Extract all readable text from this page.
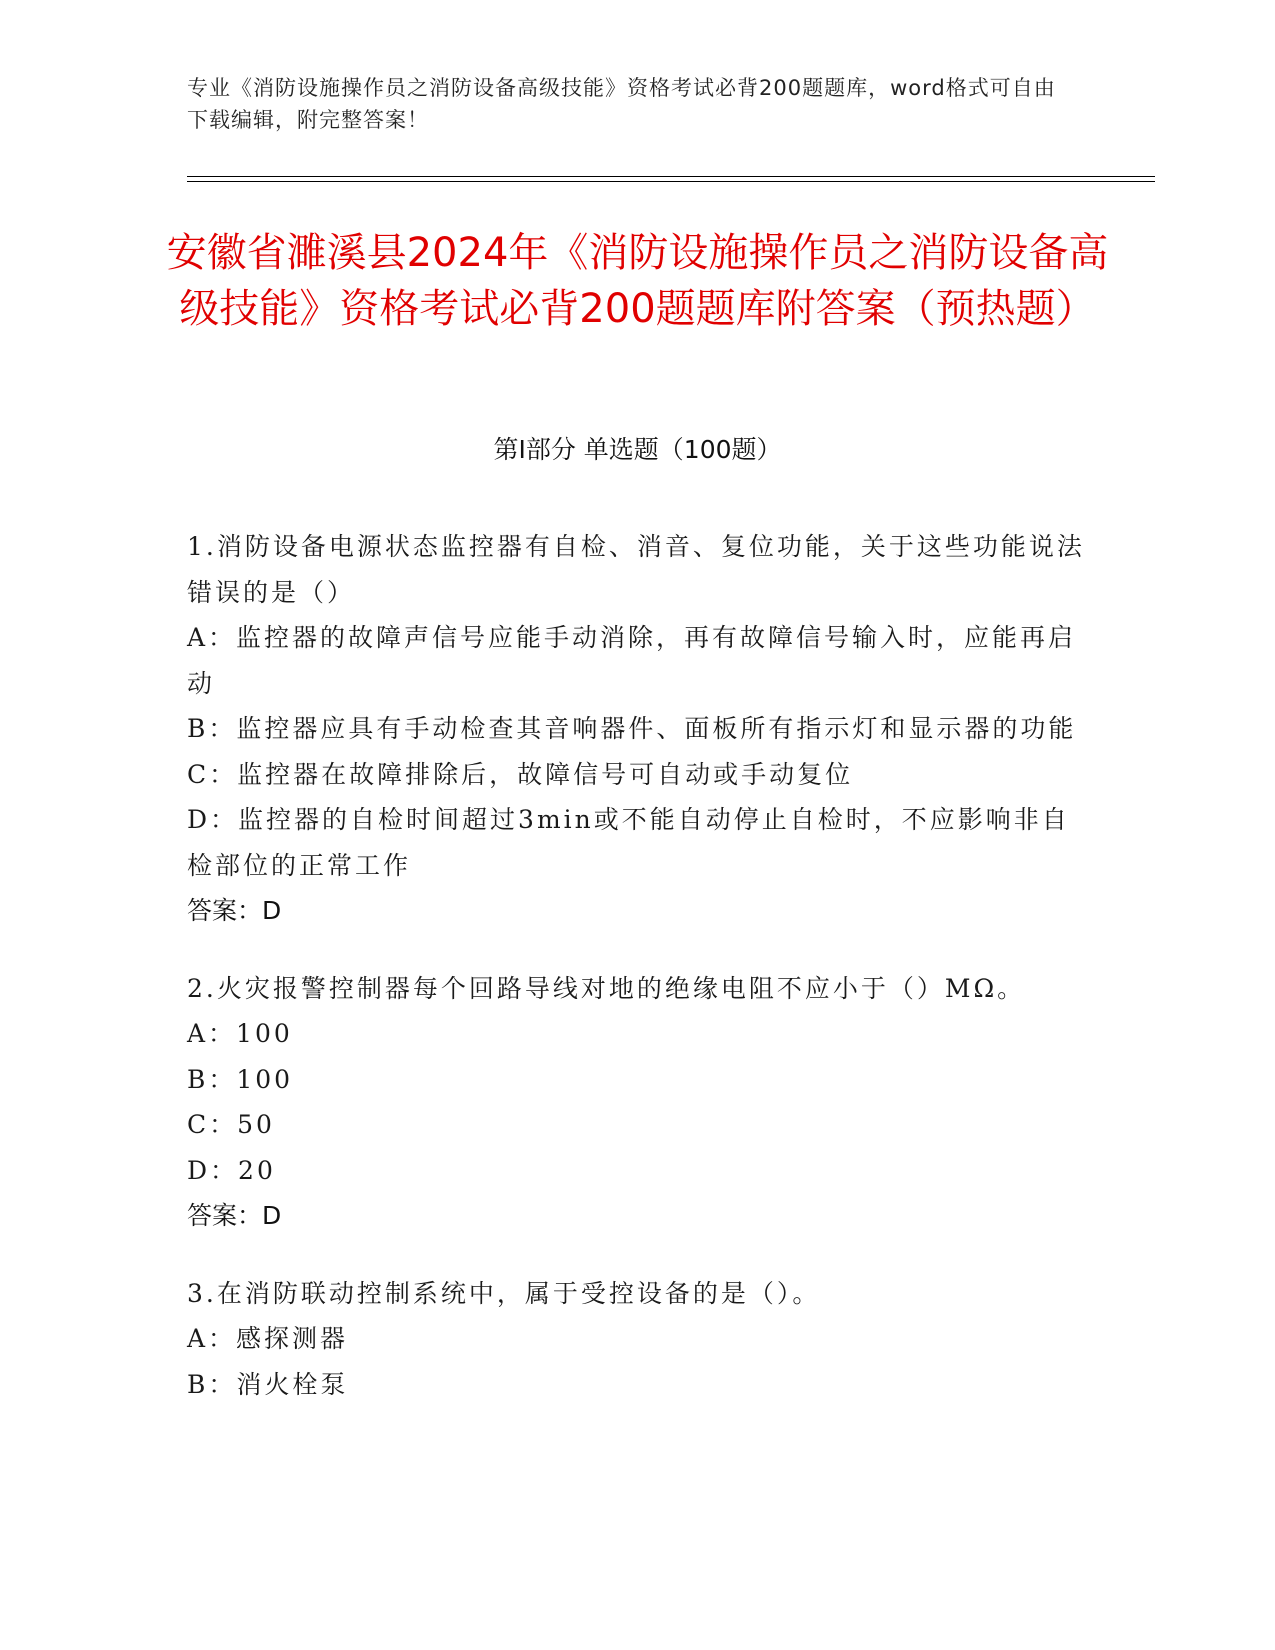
专业《消防设施操作员之消防设备高级技能》资格考试必背200题题库，word格式可自由下载编辑，附完整答案！
安徽省濉溪县2024年《消防设施操作员之消防设备高级技能》资格考试必背200题题库附答案（预热题）
第I部分 单选题（100题）

1.消防设备电源状态监控器有自检、消音、复位功能，关于这些功能说法错误的是（）

A：监控器的故障声信号应能手动消除，再有故障信号输入时，应能再启动

B：监控器应具有手动检查其音响器件、面板所有指示灯和显示器的功能

C：监控器在故障排除后，故障信号可自动或手动复位

D：监控器的自检时间超过3min或不能自动停止自检时，不应影响非自检部位的正常工作

答案：D

2.火灾报警控制器每个回路导线对地的绝缘电阻不应小于（）MΩ。

A：100

B：100

C：50

D：20

答案：D

3.在消防联动控制系统中，属于受控设备的是（）。

A：感探测器

B：消火栓泵
